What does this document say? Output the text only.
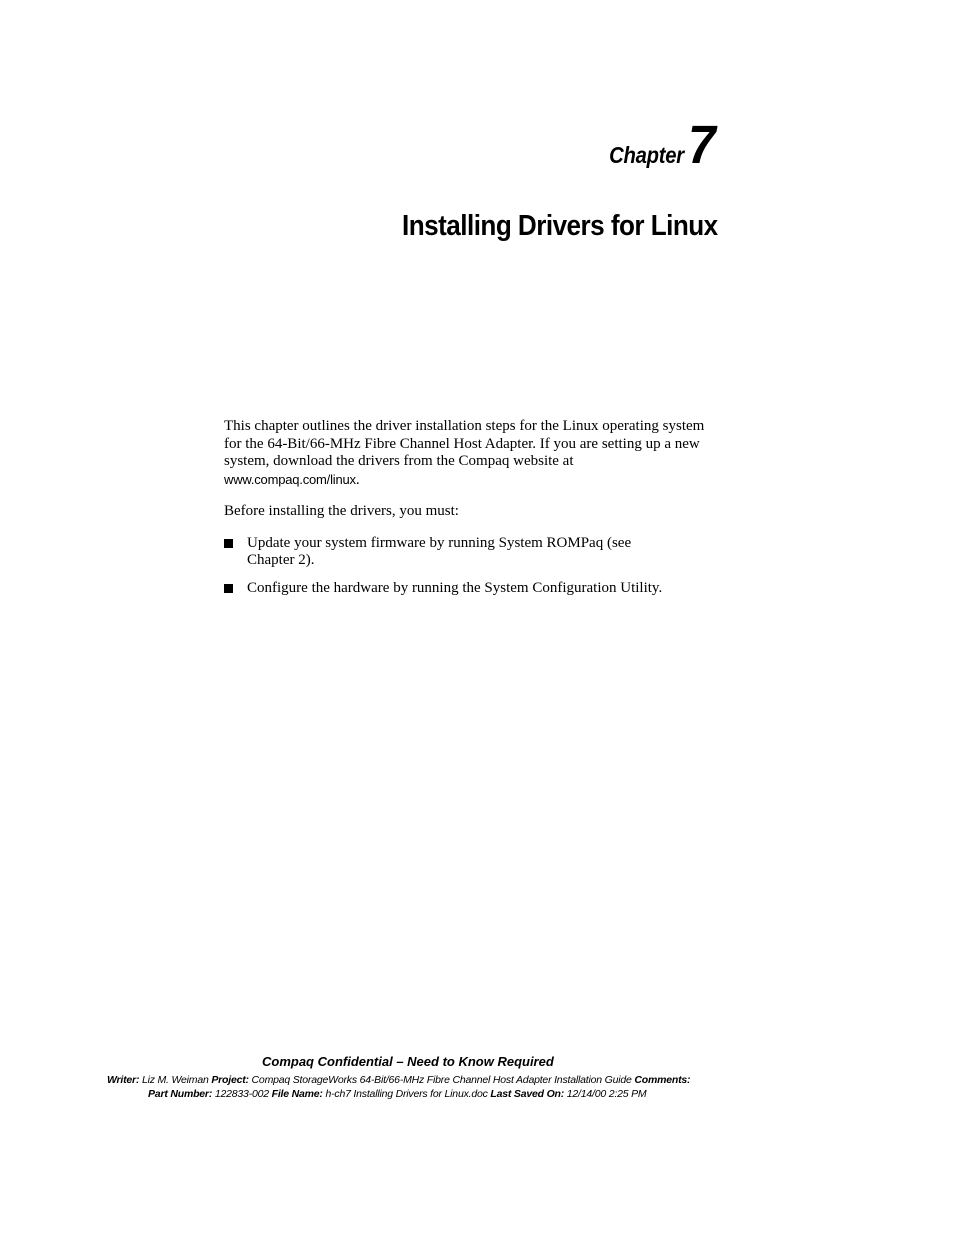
Chapter7
Installing Drivers for Linux

This chapter outlines the driver installation steps for the Linux operating system for the 64-Bit/66-MHz Fibre Channel Host Adapter. If you are setting up a new system, download the drivers from the Compaq website at
www.compaq.com/linux.

Before installing the drivers, you must:

Update your system firmware by running System ROMPaq (see Chapter 2).
Configure the hardware by running the System Configuration Utility.
Compaq Confidential – Need to Know Required
Writer: Liz M. Weiman Project: Compaq StorageWorks 64-Bit/66-MHz Fibre Channel Host Adapter Installation Guide Comments:
Part Number: 122833-002 File Name: h-ch7 Installing Drivers for Linux.doc Last Saved On: 12/14/00 2:25 PM
